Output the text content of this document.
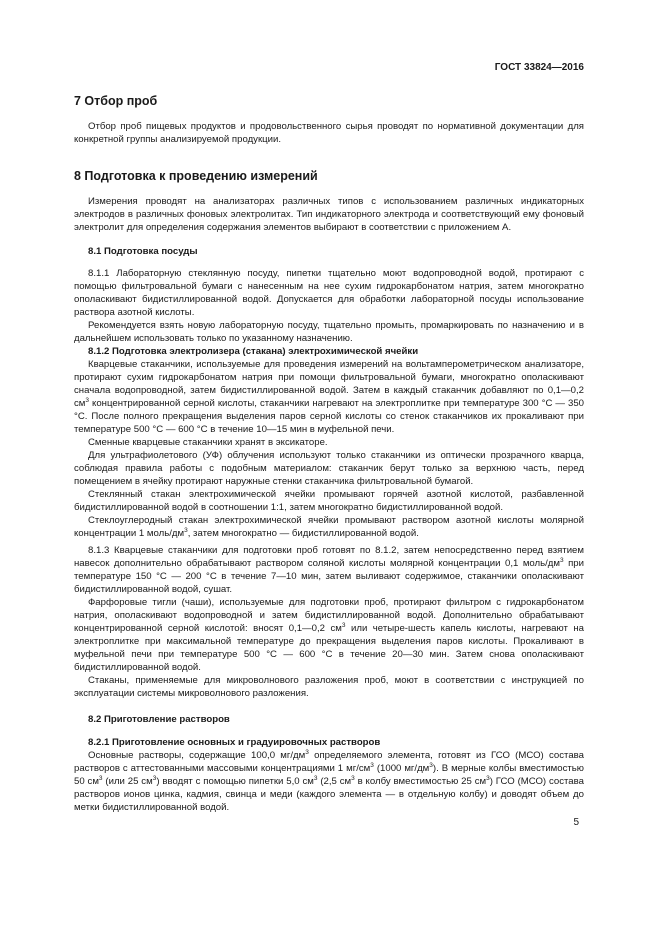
ГОСТ 33824—2016
7 Отбор проб

Отбор проб пищевых продуктов и продовольственного сырья проводят по нормативной документации для конкретной группы анализируемой продукции.

8 Подготовка к проведению измерений

Измерения проводят на анализаторах различных типов с использованием различных индикаторных электродов в различных фоновых электролитах. Тип индикаторного электрода и соответствующий ему фоновый электролит для определения содержания элементов выбирают в соответствии с приложением А.

8.1 Подготовка посуды

8.1.1 Лабораторную стеклянную посуду, пипетки тщательно моют водопроводной водой, протирают с помощью фильтровальной бумаги с нанесенным на нее сухим гидрокарбонатом натрия, затем многократно ополаскивают бидистиллированной водой. Допускается для обработки лабораторной посуды использование раствора азотной кислоты.

Рекомендуется взять новую лабораторную посуду, тщательно промыть, промаркировать по назначению и в дальнейшем использовать только по указанному назначению.

8.1.2 Подготовка электролизера (стакана) электрохимической ячейки

Кварцевые стаканчики, используемые для проведения измерений на вольтамперометрическом анализаторе, протирают сухим гидрокарбонатом натрия при помощи фильтровальной бумаги, многократно ополаскивают сначала водопроводной, затем бидистиллированной водой. Затем в каждый стаканчик добавляют по 0,1—0,2 $см^3$ концентрированной серной кислоты, стаканчики нагревают на электроплитке при температуре 300 °С — 350 °С. После полного прекращения выделения паров серной кислоты со стенок стаканчиков их прокаливают при температуре 500 °С — 600 °С в течение 10—15 мин в муфельной печи.

Сменные кварцевые стаканчики хранят в эксикаторе.

Для ультрафиолетового (УФ) облучения используют только стаканчики из оптически прозрачного кварца, соблюдая правила работы с подобным материалом: стаканчик берут только за верхнюю часть, перед помещением в ячейку протирают наружные стенки стаканчика фильтровальной бумагой.

Стеклянный стакан электрохимической ячейки промывают горячей азотной кислотой, разбавленной бидистиллированной водой в соотношении 1:1, затем многократно бидистиллированной водой.

Стеклоуглеродный стакан электрохимической ячейки промывают раствором азотной кислоты молярной концентрации 1 моль/$дм^3$, затем многократно — бидистиллированной водой.

8.1.3 Кварцевые стаканчики для подготовки проб готовят по 8.1.2, затем непосредственно перед взятием навесок дополнительно обрабатывают раствором соляной кислоты молярной концентрации 0,1 моль/$дм^3$ при температуре 150 °С — 200 °С в течение 7—10 мин, затем выливают содержимое, стаканчики ополаскивают бидистиллированной водой, сушат.

Фарфоровые тигли (чаши), используемые для подготовки проб, протирают фильтром с гидрокарбонатом натрия, ополаскивают водопроводной и затем бидистиллированной водой. Дополнительно обрабатывают концентрированной серной кислотой: вносят 0,1—0,2 $см^3$ или четыре-шесть капель кислоты, нагревают на электроплитке при максимальной температуре до прекращения выделения паров кислоты. Прокаливают в муфельной печи при температуре 500 °С — 600 °С в течение 20—30 мин. Затем снова ополаскивают бидистиллированной водой.

Стаканы, применяемые для микроволнового разложения проб, моют в соответствии с инструкцией по эксплуатации системы микроволнового разложения.

8.2 Приготовление растворов
8.2.1 Приготовление основных и градуировочных растворов

Основные растворы, содержащие 100,0 $мг/дм^3$ определяемого элемента, готовят из ГСО (МСО) состава растворов с аттестованными массовыми концентрациями 1 $мг/см^3$ (1000 $мг/дм^3$). В мерные колбы вместимостью 50 $см^3$ (или 25 $см^3$) вводят с помощью пипетки 5,0 $см^3$ (2,5 $см^3$ в колбу вместимостью 25 $см^3$) ГСО (МСО) состава растворов ионов цинка, кадмия, свинца и меди (каждого элемента — в отдельную колбу) и доводят объем до метки бидистиллированной водой.

5
